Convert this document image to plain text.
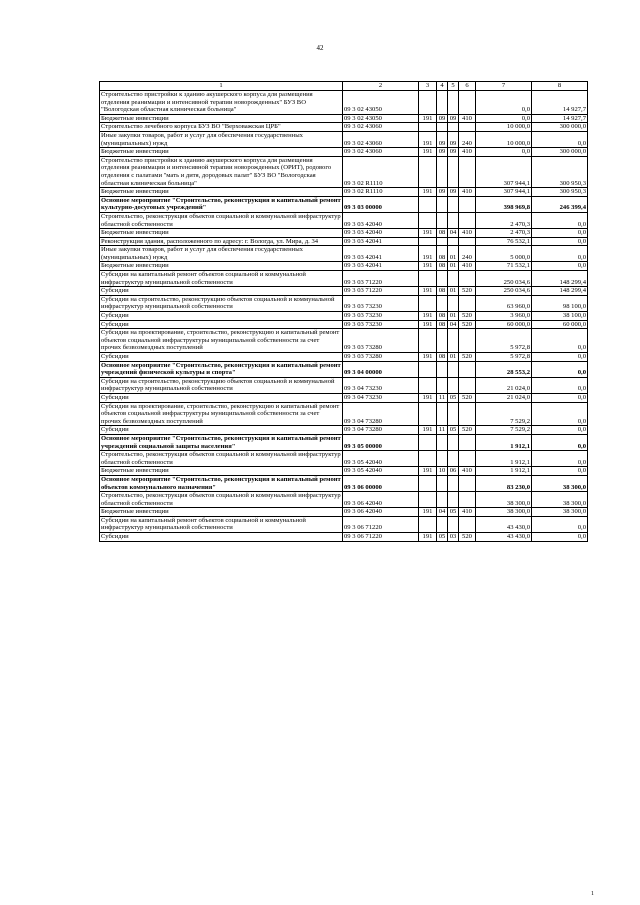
42
1	2	3	4	5	6	7	8
Строительство пристройки к зданию акушерского корпуса для размещения отделения реанимации и интенсивной терапии новорожденных" БУЗ ВО "Вологодская областная клиническая больница"	09 3 02 43050					0,0	14 927,7
Бюджетные инвестиции	09 3 02 43050	191	09	09	410	0,0	14 927,7
Строительство лечебного корпуса БУЗ ВО "Верховажская ЦРБ"	09 3 02 43060					10 000,0	300 000,0
Иные закупки товаров, работ и услуг для обеспечения государственных (муниципальных) нужд	09 3 02 43060	191	09	09	240	10 000,0	0,0
Бюджетные инвестиции	09 3 02 43060	191	09	09	410	0,0	300 000,0
Строительство пристройки к зданию акушерского корпуса для размещения отделения реанимации и интенсивной терапии новорожденных (ОРИТ), родового отделения с палатами "мать и дитя, дородовых палат" БУЗ ВО "Вологодская областная клиническая больница"	09 3 02 R1110					307 944,1	300 950,3
Бюджетные инвестиции	09 3 02 R1110	191	09	09	410	307 944,1	300 950,3
Основное мероприятие "Строительство, реконструкция и капитальный ремонт культурно-досуговых учреждений"	09 3 03 00000					398 969,8	246 399,4
Строительство, реконструкция объектов социальной и коммунальной инфраструктур областной собственности	09 3 03 42040					2 470,3	0,0
Бюджетные инвестиции	09 3 03 42040	191	08	04	410	2 470,3	0,0
Реконструкция здания, расположенного по адресу: г. Вологда, ул. Мира, д. 34	09 3 03 42041					76 532,1	0,0
Иные закупки товаров, работ и услуг для обеспечения государственных (муниципальных) нужд	09 3 03 42041	191	08	01	240	5 000,0	0,0
Бюджетные инвестиции	09 3 03 42041	191	08	01	410	71 532,1	0,0
Субсидии на капитальный ремонт объектов социальной и коммунальной инфраструктур муниципальной собственности	09 3 03 71220					250 034,6	148 299,4
Субсидии	09 3 03 71220	191	08	01	520	250 034,6	148 299,4
Субсидии на строительство, реконструкцию объектов социальной и коммунальной инфраструктур муниципальной собственности	09 3 03 73230					63 960,0	98 100,0
Субсидии	09 3 03 73230	191	08	01	520	3 960,0	38 100,0
Субсидии	09 3 03 73230	191	08	04	520	60 000,0	60 000,0
Субсидии на проектирование, строительство, реконструкцию и капитальный ремонт объектов социальной инфраструктуры муниципальной собственности за счет прочих безвозмездных поступлений	09 3 03 73280					5 972,8	0,0
Субсидии	09 3 03 73280	191	08	01	520	5 972,8	0,0
Основное мероприятие "Строительство, реконструкция и капитальный ремонт учреждений физической культуры и спорта"	09 3 04 00000					28 553,2	0,0
Субсидии на строительство, реконструкцию объектов социальной и коммунальной инфраструктур муниципальной собственности	09 3 04 73230					21 024,0	0,0
Субсидии	09 3 04 73230	191	11	05	520	21 024,0	0,0
Субсидии на проектирование, строительство, реконструкцию и капитальный ремонт объектов социальной инфраструктуры муниципальной собственности за счет прочих безвозмездных поступлений	09 3 04 73280					7 529,2	0,0
Субсидии	09 3 04 73280	191	11	05	520	7 529,2	0,0
Основное мероприятие "Строительство, реконструкция и капитальный ремонт учреждений социальной защиты населения"	09 3 05 00000					1 912,1	0,0
Строительство, реконструкция объектов социальной и коммунальной инфраструктур областной собственности	09 3 05 42040					1 912,1	0,0
Бюджетные инвестиции	09 3 05 42040	191	10	06	410	1 912,1	0,0
Основное мероприятие "Строительство, реконструкция и капитальный ремонт объектов коммунального назначения"	09 3 06 00000					83 230,0	38 300,0
Строительство, реконструкция объектов социальной и коммунальной инфраструктур областной собственности	09 3 06 42040					38 300,0	38 300,0
Бюджетные инвестиции	09 3 06 42040	191	04	05	410	38 300,0	38 300,0
Субсидии на капитальный ремонт объектов социальной и коммунальной инфраструктур муниципальной собственности	09 3 06 71220					43 430,0	0,0
Субсидии	09 3 06 71220	191	05	03	520	43 430,0	0,0
1
